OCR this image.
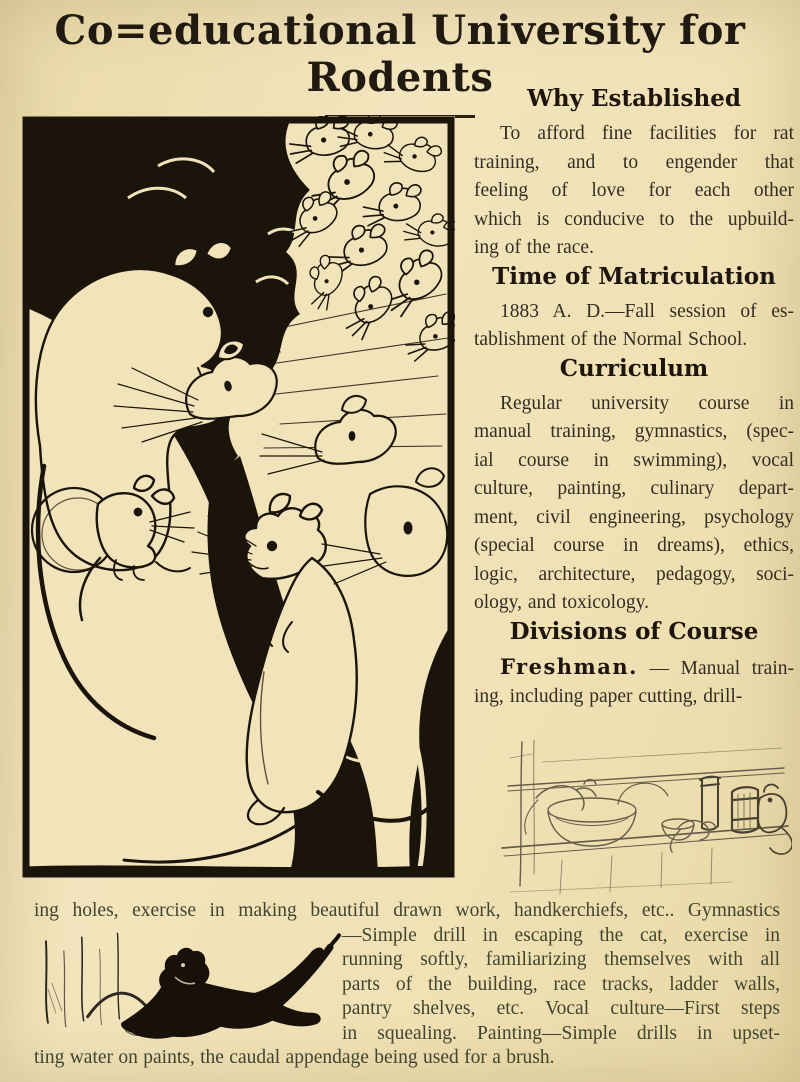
Co=educational University for Rodents	Why Established
To afford fine facilities for rat
training, and to engender that
feeling of love for each other
which is conducive to the upbuild-
ing of the race.
Time of Matriculation
1883 A. D.—Fall session of es-
tablishment of the Normal School.
Curriculum
Regular university course in
manual training, gymnastics, (spec-
ial course in swimming), vocal
culture, painting, culinary depart-
ment, civil engineering, psychology
(special course in dreams), ethics,
logic, architecture, pedagogy, soci-
ology, and toxicology.
Divisions of Course
Freshman. — Manual train-
ing, including paper cutting, drill-
ing holes, exercise in making beautiful drawn work, handkerchiefs, etc.. Gymnastics
—Simple drill in escaping the cat, exercise in
running softly, familiarizing themselves with all
parts of the building, race tracks, ladder walls,
pantry shelves, etc. Vocal culture—First steps
in squealing. Painting—Simple drills in upset-
ting water on paints, the caudal appendage being used for a brush.
